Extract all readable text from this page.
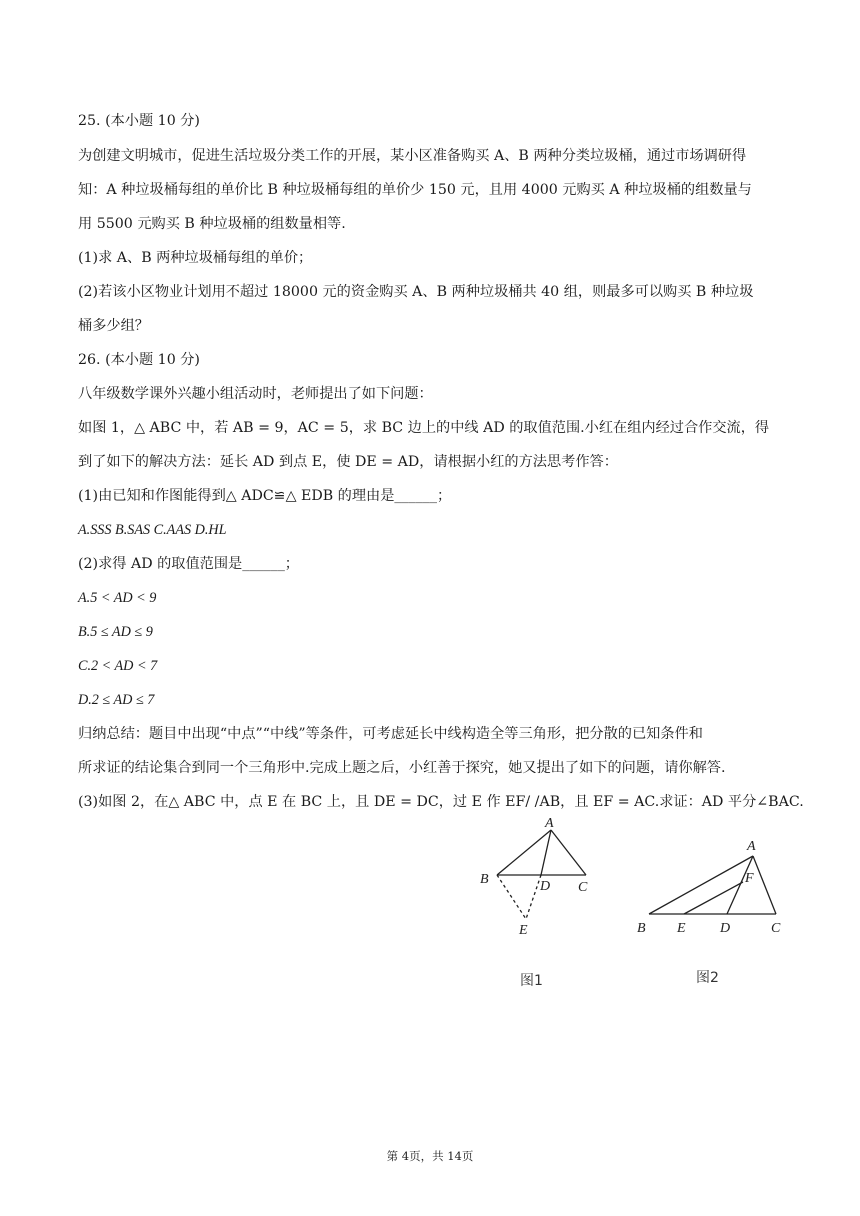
25. (本小题 10 分)
为创建文明城市，促进生活垃圾分类工作的开展，某小区准备购买 A、B 两种分类垃圾桶，通过市场调研得
知：A 种垃圾桶每组的单价比 B 种垃圾桶每组的单价少 150 元，且用 4000 元购买 A 种垃圾桶的组数量与
用 5500 元购买 B 种垃圾桶的组数量相等.
(1)求 A、B 两种垃圾桶每组的单价；
(2)若该小区物业计划用不超过 18000 元的资金购买 A、B 两种垃圾桶共 40 组，则最多可以购买 B 种垃圾
桶多少组？
26. (本小题 10 分)
八年级数学课外兴趣小组活动时，老师提出了如下问题：
如图 1，△ ABC 中，若 AB = 9，AC = 5，求 BC 边上的中线 AD 的取值范围.小红在组内经过合作交流，得
到了如下的解决方法：延长 AD 到点 E，使 DE = AD，请根据小红的方法思考作答：
(1)由已知和作图能得到△ ADC≌△ EDB 的理由是______；
A.SSS B.SAS C.AAS D.HL
(2)求得 AD 的取值范围是______；
A.5 < AD < 9
B.5 ≤ AD ≤ 9
C.2 < AD < 7
D.2 ≤ AD ≤ 7
归纳总结：题目中出现“中点”“中线”等条件，可考虑延长中线构造全等三角形，把分散的已知条件和
所求证的结论集合到同一个三角形中.完成上题之后，小红善于探究，她又提出了如下的问题，请你解答.
(3)如图 2，在△ ABC 中，点 E 在 BC 上，且 DE = DC，过 E 作 EF/ /AB，且 EF = AC.求证：AD 平分∠BAC.
A
B
C
D
E
图1
A
B	C
D
E
F
图2
第 4页，共 14页
